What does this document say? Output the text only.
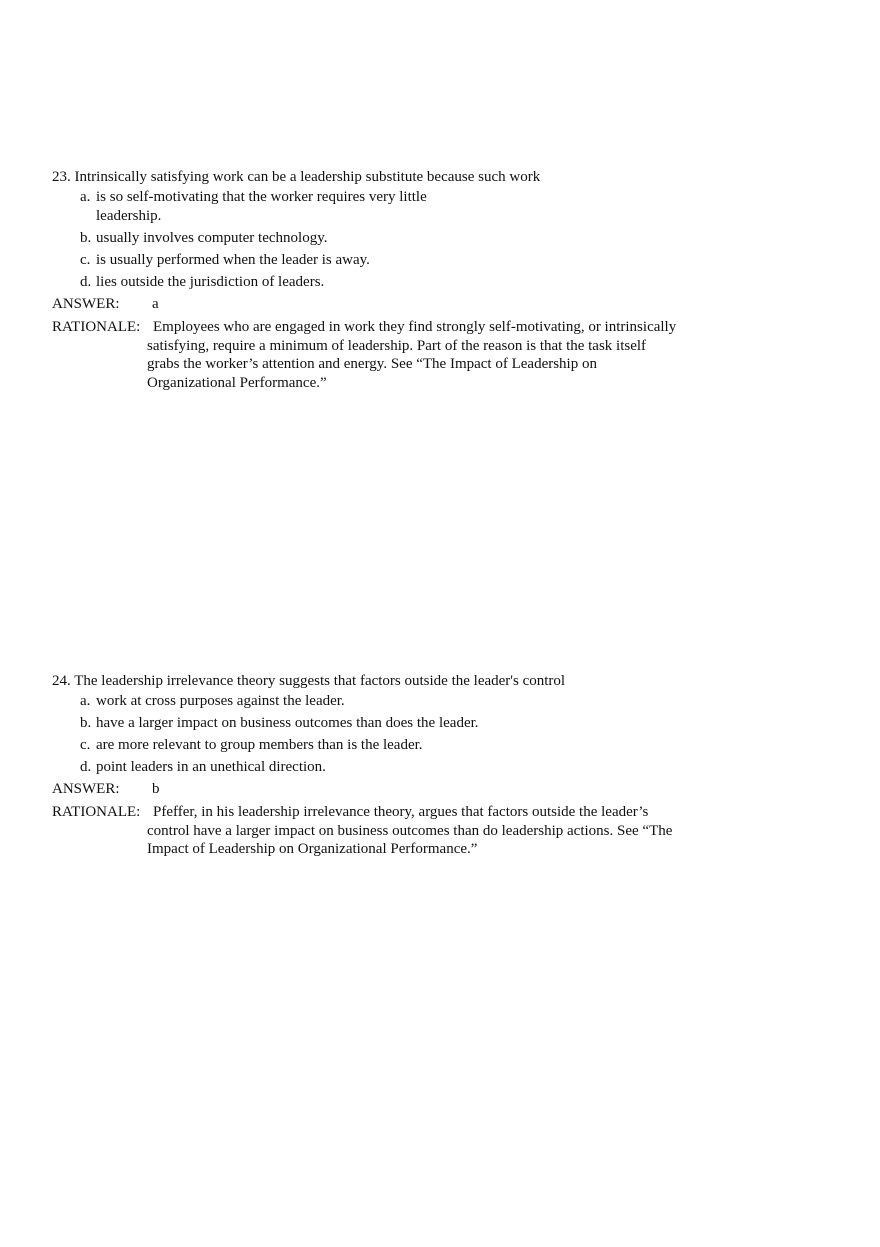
23. Intrinsically satisfying work can be a leadership substitute because such work
a. is so self-motivating that the worker requires very little leadership.
b. usually involves computer technology.
c. is usually performed when the leader is away.
d. lies outside the jurisdiction of leaders.
ANSWER: a
RATIONALE: Employees who are engaged in work they find strongly self-motivating, or intrinsically satisfying, require a minimum of leadership. Part of the reason is that the task itself grabs the worker’s attention and energy. See “The Impact of Leadership on Organizational Performance.”
24. The leadership irrelevance theory suggests that factors outside the leader's control
a. work at cross purposes against the leader.
b. have a larger impact on business outcomes than does the leader.
c. are more relevant to group members than is the leader.
d. point leaders in an unethical direction.
ANSWER: b
RATIONALE: Pfeffer, in his leadership irrelevance theory, argues that factors outside the leader’s control have a larger impact on business outcomes than do leadership actions. See “The Impact of Leadership on Organizational Performance.”
